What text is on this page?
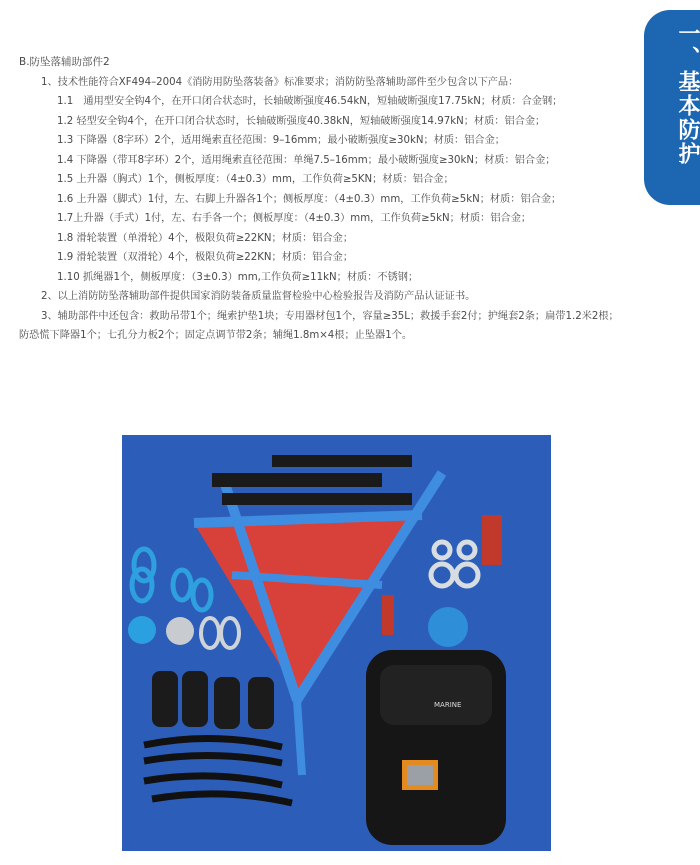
一、基本防护

B.防坠落辅助部件2

1、技术性能符合XF494–2004《消防用防坠落装备》标准要求；消防防坠落辅助部件至少包含以下产品：

1.1　通用型安全钩4个，在开口闭合状态时，长轴破断强度46.54kN，短轴破断强度17.75kN；材质：合金钢；

1.2 轻型安全钩4个，在开口闭合状态时，长轴破断强度40.38kN，短轴破断强度14.97kN；材质：铝合金；

1.3 下降器（8字环）2个，适用绳索直径范围：9–16mm；最小破断强度≥30kN；材质：铝合金；

1.4 下降器（带耳8字环）2个，适用绳索直径范围：单绳7.5–16mm；最小破断强度≥30kN；材质：铝合金；

1.5 上升器（胸式）1个，侧板厚度：（4±0.3）mm，工作负荷≥5KN；材质：铝合金；

1.6 上升器（脚式）1付，左、右脚上升器各1个；侧板厚度：（4±0.3）mm，工作负荷≥5kN；材质：铝合金；

1.7上升器（手式）1付，左、右手各一个；侧板厚度：（4±0.3）mm，工作负荷≥5kN；材质：铝合金；

1.8 滑轮装置（单滑轮）4个，极限负荷≥22KN；材质：铝合金；

1.9 滑轮装置（双滑轮）4个，极限负荷≥22KN；材质：铝合金；

1.10 抓绳器1个，侧板厚度：（3±0.3）mm,工作负荷≥11kN；材质：不锈钢；

2、以上消防防坠落辅助部件提供国家消防装备质量监督检验中心检验报告及消防产品认证证书。

3、辅助部件中还包含：救助吊带1个；绳索护垫1块；专用器材包1个，容量≥35L；救援手套2付；护绳套2条；扁带1.2米2根；防恐慌下降器1个；七孔分力板2个；固定点调节带2条；辅绳1.8m×4根；止坠器1个。

MARINE
